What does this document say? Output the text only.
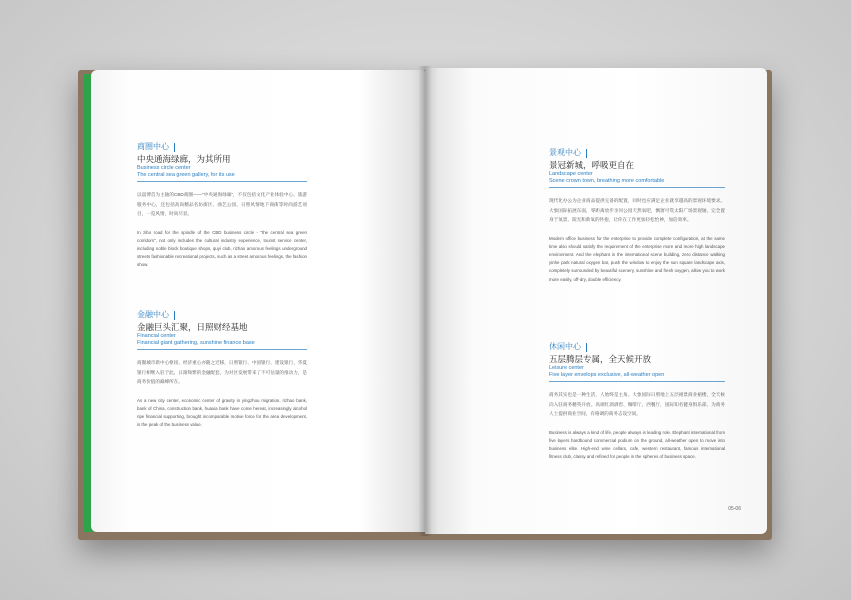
商圈中心
中央通海绿廊，为其所用
Business circle center
The central sea green gallery, for its use
以淄博首为主轴的CBD商圈——“中央通海绿廊”，不仅包括文化产业体验中心、旅游服务中心，还包括高尚精品名坊街区、曲艺公园、日照风情地下商街等时尚游艺项目，一览风情，时尚尽显。
In zibo road for the spindle of the CBD business circle - "the central sea green corridors", not only includes the cultural industry experience, tourist service center, including noble block boutique shops, quyi club, rizhao amorous feelings underground streets fashionable recreational projects, such as a street amorous feelings, the fashion show.
金融中心
金融巨头汇聚，日照财经基地
Financial center
Financial giant gathering, sunshine finance base
商圈城市新中心枢纽，经济重心亦随之迁移，日照银行、中国银行、建设银行、华夏银行相继入驻于此，日渐频繁的金融配套，为对区发展带来了不可估量的推动力，是商务价值的巅峰所在。
As a new city center, economic center of gravity in yingzhou migration, rizhao bank, bank of China, construction bank, huaxia bank have come hereat, increasingly alcohol ripe financial supporting, brought incomparable motive force for the area development, is the peak of the business value.
景观中心
景冠新城，呼吸更自在
Landscape center
Scene crown town, breathing more comfortable
现代化办公为企业商品提供完备的配置，同时也应满足企业就享越高的景观环境要求。大象国际拓展东面，零距离放步亲河公园天然氧吧，飘窗可赏太阳广场景观轴，完全置身于氧景，阳光和新氧的怀抱，让你在工作更加轻松怡神，加倍效率。
Modern office business for the enterprise to provide complete configuration, at the same time also should satisfy the requirement of the enterprise more and more high landscape environment. And the elephant in the international scene building, zero distance walking yinhe park natural oxygen bar, push the window to enjoy the sun square landscape axis, completely surrounded by beautiful scenery, sunshine and fresh oxygen, allow you to work more easily, off-dry, double efficiency.
休闲中心
五层腾层专属，全天候开放
Leisure center
Five layer envelops exclusive, all-weather open
商务其实也是一种生活，人始终是主角。大象国际日照地上五层裙景商业裙楼，全天候向入驻商务精英开放。高端红酒酒窖、咖啡厅、西餐厅，国际知名健身俱乐部，为商务人士提供商业空间，有格调的商务志设空间。
Business is always a kind of life, people always is leading role. Elephant international from five layers hardbound commercial podium on the ground, all-weather open to move into business elite. High-end wine cellars, cafe, western restaurant, famous international fitness club, classy and refined for people in the spheres of business space.
05-06
